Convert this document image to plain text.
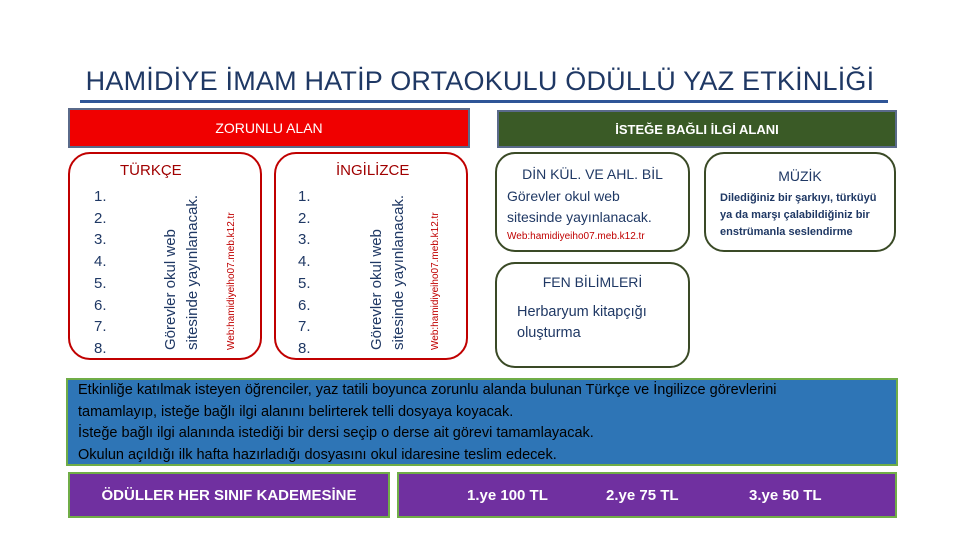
HAMİDİYE İMAM HATİP ORTAOKULU ÖDÜLLÜ YAZ ETKİNLİĞİ
ZORUNLU ALAN	İSTEĞE BAĞLI İLGİ ALANI
TÜRKÇE
1.
2.
3.
4.
5.
6.
7.
8.	Görevler okul web sitesinde yayınlanacak.	Web:hamidiyeiho07.meb.k12.tr
İNGİLİZCE
1.
2.
3.
4.
5.
6.
7.
8.	Görevler okul web sitesinde yayınlanacak.	Web:hamidiyeiho07.meb.k12.tr
DİN KÜL. VE AHL. BİL
Görevler okul web
sitesinde yayınlanacak.
Web:hamidiyeiho07.meb.k12.tr
MÜZİK
Dilediğiniz bir şarkıyı, türküyü ya da marşı çalabildiğiniz bir enstrümanla seslendirme
FEN BİLİMLERİ
Herbaryum kitapçığı oluşturma
Etkinliğe katılmak isteyen öğrenciler, yaz tatili boyunca zorunlu alanda bulunan Türkçe ve İngilizce görevlerini
tamamlayıp, isteğe bağlı ilgi alanını belirterek telli dosyaya koyacak.
İsteğe bağlı ilgi alanında istediği bir dersi seçip o derse ait görevi tamamlayacak.
Okulun açıldığı ilk hafta hazırladığı dosyasını okul idaresine teslim edecek.
ÖDÜLLER HER SINIF KADEMESİNE	1.ye 100 TL	2.ye 75 TL	3.ye 50 TL
